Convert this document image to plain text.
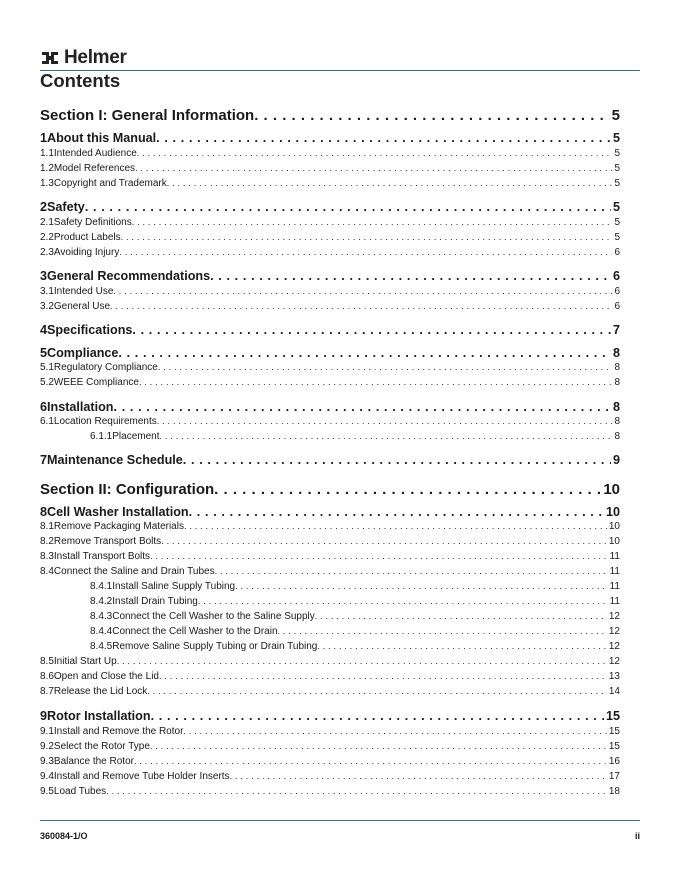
Helmer
Contents
Section I: General Information . . .	5
1 About this Manual . . .	5
1.1 Intended Audience . . .	5
1.2 Model References . . .	5
1.3 Copyright and Trademark . . .	5
2 Safety . . .	5
2.1 Safety Definitions . . .	5
2.2 Product Labels . . .	5
2.3 Avoiding Injury . . .	6
3 General Recommendations . . .	6
3.1 Intended Use . . .	6
3.2 General Use . . .	6
4 Specifications . . .	7
5 Compliance . . .	8
5.1 Regulatory Compliance . . .	8
5.2 WEEE Compliance . . .	8
6 Installation . . .	8
6.1 Location Requirements . . .	8
6.1.1 Placement . . .	8
7 Maintenance Schedule . . .	9
Section II: Configuration . . .	10
8 Cell Washer Installation . . .	10
8.1 Remove Packaging Materials . . .	10
8.2 Remove Transport Bolts . . .	10
8.3 Install Transport Bolts . . .	11
8.4 Connect the Saline and Drain Tubes . . .	11
8.4.1 Install Saline Supply Tubing . . .	11
8.4.2 Install Drain Tubing . . .	11
8.4.3 Connect the Cell Washer to the Saline Supply . . .	12
8.4.4 Connect the Cell Washer to the Drain . . .	12
8.4.5 Remove Saline Supply Tubing or Drain Tubing . . .	12
8.5 Initial Start Up . . .	12
8.6 Open and Close the Lid . . .	13
8.7 Release the Lid Lock . . .	14
9 Rotor Installation . . .	15
9.1 Install and Remove the Rotor . . .	15
9.2 Select the Rotor Type . . .	15
9.3 Balance the Rotor . . .	16
9.4 Install and Remove Tube Holder Inserts . . .	17
9.5 Load Tubes . . .	18
360084-1/O	ii
